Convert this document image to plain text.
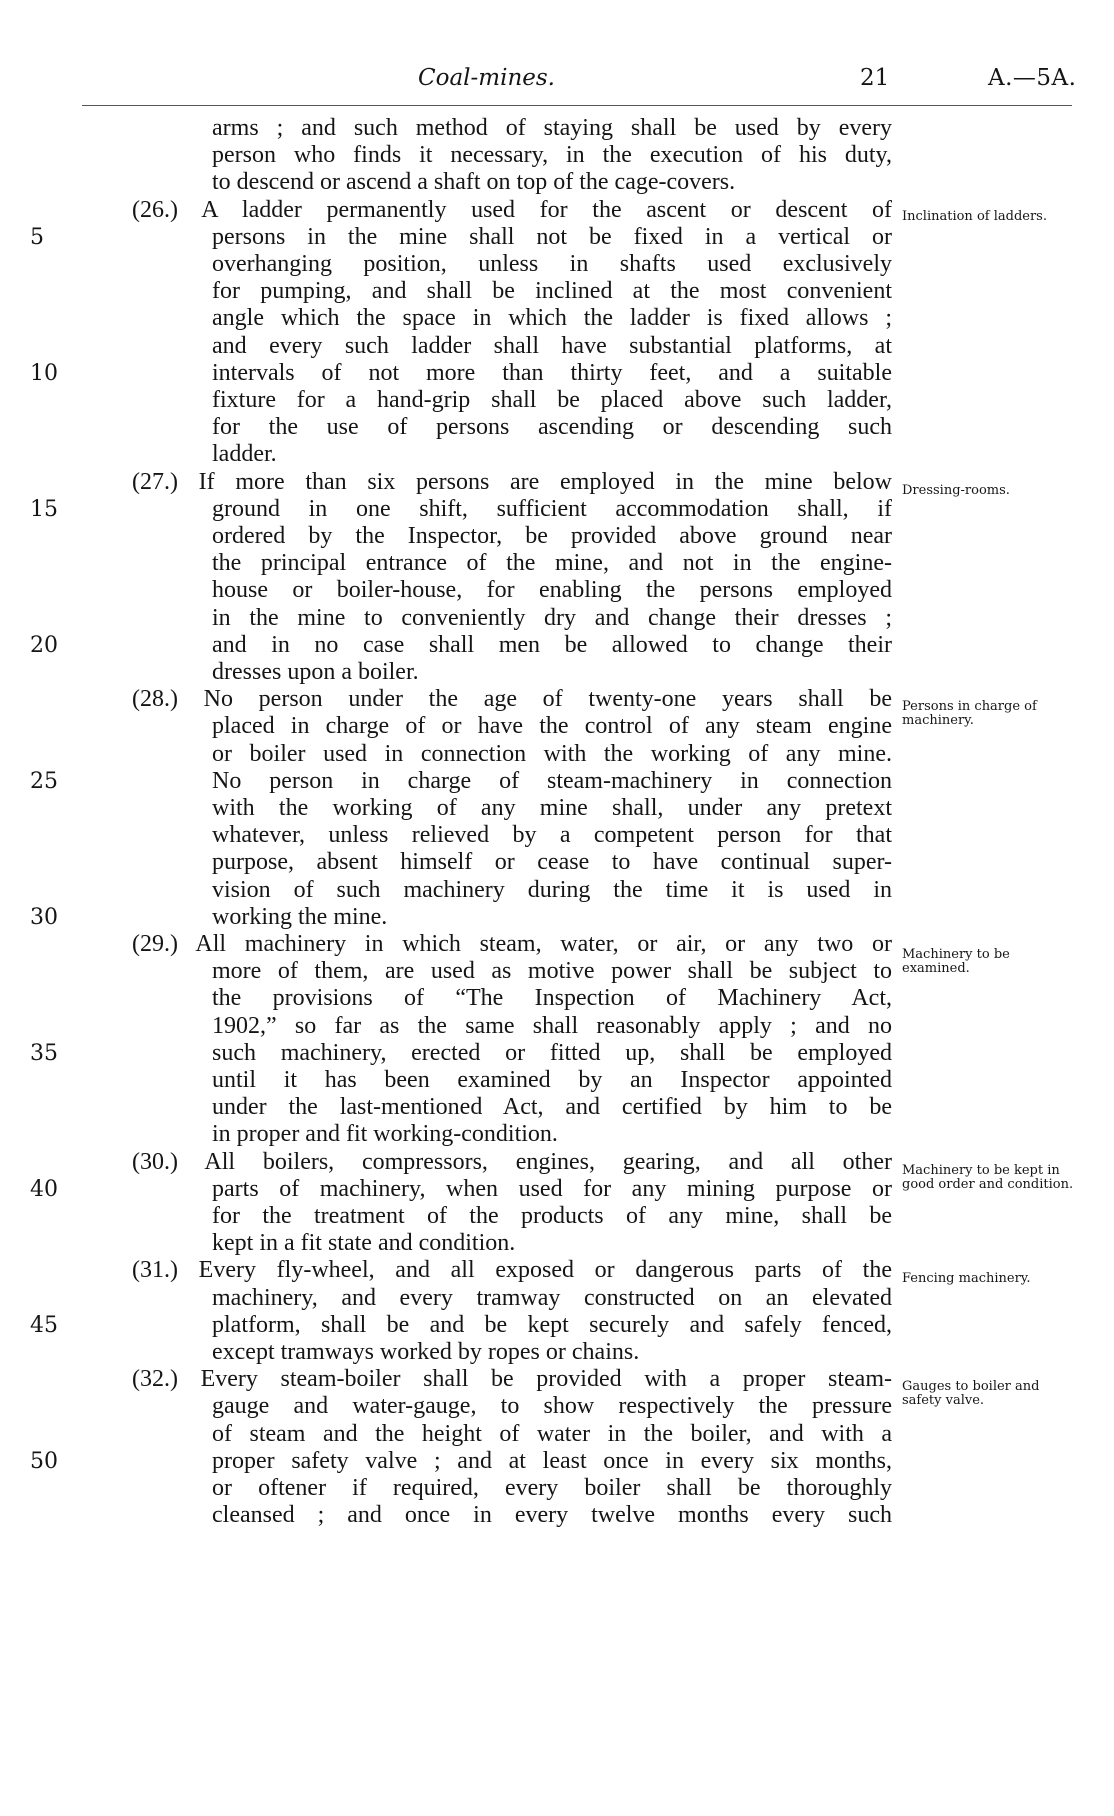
Coal-mines.	21	A.—5A.
arms ; and such method of staying shall be used by every
person who finds it necessary, in the execution of his duty,
to descend or ascend a shaft on top of the cage-covers.
(26.) A ladder permanently used for the ascent or descent of
persons in the mine shall not be fixed in a vertical or
overhanging position, unless in shafts used exclusively
for pumping, and shall be inclined at the most convenient
angle which the space in which the ladder is fixed allows ;
and every such ladder shall have substantial platforms, at
intervals of not more than thirty feet, and a suitable
fixture for a hand-grip shall be placed above such ladder,
for the use of persons ascending or descending such
ladder.
(27.) If more than six persons are employed in the mine below
ground in one shift, sufficient accommodation shall, if
ordered by the Inspector, be provided above ground near
the principal entrance of the mine, and not in the engine-
house or boiler-house, for enabling the persons employed
in the mine to conveniently dry and change their dresses ;
and in no case shall men be allowed to change their
dresses upon a boiler.
(28.) No person under the age of twenty-one years shall be
placed in charge of or have the control of any steam engine
or boiler used in connection with the working of any mine.
No person in charge of steam-machinery in connection
with the working of any mine shall, under any pretext
whatever, unless relieved by a competent person for that
purpose, absent himself or cease to have continual super-
vision of such machinery during the time it is used in
working the mine.
(29.) All machinery in which steam, water, or air, or any two or
more of them, are used as motive power shall be subject to
the provisions of “The Inspection of Machinery Act,
1902,” so far as the same shall reasonably apply ; and no
such machinery, erected or fitted up, shall be employed
until it has been examined by an Inspector appointed
under the last-mentioned Act, and certified by him to be
in proper and fit working-condition.
(30.) All boilers, compressors, engines, gearing, and all other
parts of machinery, when used for any mining purpose or
for the treatment of the products of any mine, shall be
kept in a fit state and condition.
(31.) Every fly-wheel, and all exposed or dangerous parts of the
machinery, and every tramway constructed on an elevated
platform, shall be and be kept securely and safely fenced,
except tramways worked by ropes or chains.
(32.) Every steam-boiler shall be provided with a proper steam-
gauge and water-gauge, to show respectively the pressure
of steam and the height of water in the boiler, and with a
proper safety valve ; and at least once in every six months,
or oftener if required, every boiler shall be thoroughly
cleansed ; and once in every twelve months every such
5
10
15
20
25
30
35
40
45
50
Inclination of ladders.
Dressing-rooms.
Persons in charge of machinery.
Machinery to be examined.
Machinery to be kept in good order and condition.
Fencing machinery.
Gauges to boiler and safety valve.
